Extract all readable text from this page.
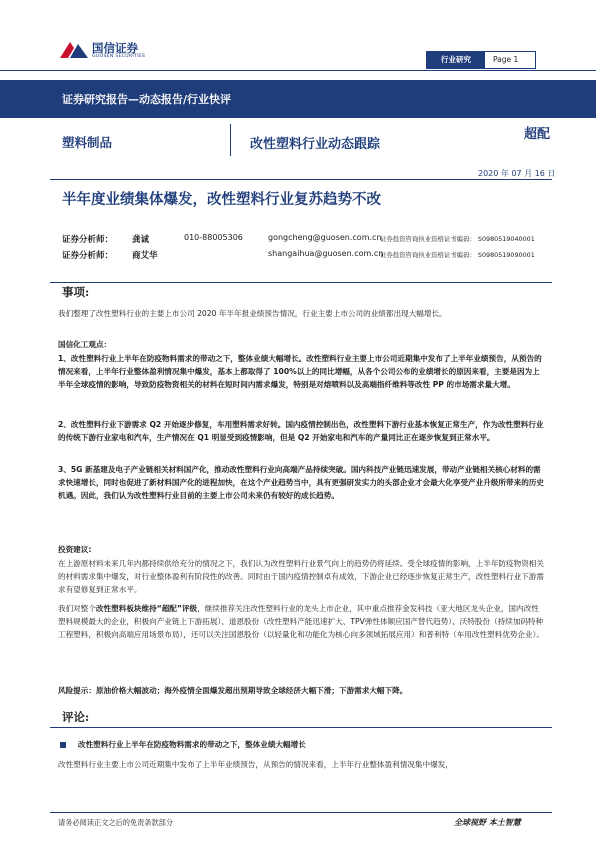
国信证券
GUOSEN SECURITIES	行业研究	Page 1
证券研究报告—动态报告/行业快评
塑料制品	改性塑料行业动态跟踪
超配
2020 年 07 月 16 日
半年度业绩集体爆发，改性塑料行业复苏趋势不改
证券分析师： 龚诚	010-88005306	gongcheng@guosen.com.cn
证券投资咨询执业资格证书编码： S0980519040001
证券分析师： 商艾华	shangaihua@guosen.com.cn
证券投资咨询执业资格证书编码： S0980519090001
事项:
我们整理了改性塑料行业的主要上市公司 2020 年半年报业绩预告情况，行业主要上市公司的业绩都出现大幅增长。
国信化工观点：
1、改性塑料行业上半年在防疫物料需求的带动之下，整体业绩大幅增长。改性塑料行业主要上市公司近期集中发布了上半年业绩预告，从预告的情况来看，上半年行业整体盈利情况集中爆发，基本上都取得了 100%以上的同比增幅，从各个公司公布的业绩增长的原因来看，主要是因为上半年全球疫情的影响，导致防疫物资相关的材料在短时间内需求爆发，特别是对熔喷料以及高端指纤维料等改性 PP 的市场需求量大增。
2、改性塑料行业下游需求 Q2 开始逐步修复，车用塑料需求好转。国内疫情控制出色，改性塑料下游行业基本恢复正常生产，作为改性塑料行业的传统下游行业家电和汽车，生产情况在 Q1 明显受到疫情影响，但是 Q2 开始家电和汽车的产量同比正在逐步恢复到正常水平。
3、5G 新基建及电子产业链相关材料国产化，推动改性塑料行业向高端产品持续突破。国内科技产业链迅速发展，带动产业链相关核心材料的需求快速增长，同时也促进了新材料国产化的进程加快，在这个产业趋势当中，具有更强研发实力的头部企业才会最大化享受产业升级所带来的历史机遇。因此，我们认为改性塑料行业目前的主要上市公司未来仍有较好的成长趋势。
投资建议:
在上游原材料未来几年内都持续供给充分的情况之下，我们认为改性塑料行业景气向上的趋势仍将延续。受全球疫情的影响，上半年防疫物资相关的材料需求集中爆发，对行业整体盈利有阶段性的改善。同时由于国内疫情控制卓有成效，下游企业已经逐步恢复正常生产，改性塑料行业下游需求有望修复到正常水平。
我们对整个改性塑料板块维持“超配”评级，继续推荐关注改性塑料行业的龙头上市企业，其中重点推荐金发科技（亚大地区龙头企业，国内改性塑料规模最大的企业，积极向产业链上下游拓展）、道恩股份（改性塑料产能迅速扩大、TPV弹性体顺应国产替代趋势）、沃特股份（持续加码特种工程塑料，积极向高端应用场景布局），还可以关注国恩股份（以轻量化和功能化为核心向多领域拓展应用）和普利特（车用改性塑料优势企业）。
风险提示：原油价格大幅波动；海外疫情全面爆发超出预期导致全球经济大幅下滑；下游需求大幅下降。
评论:
改性塑料行业上半年在防疫物料需求的带动之下，整体业绩大幅增长
改性塑料行业主要上市公司近期集中发布了上半年业绩预告，从预告的情况来看，上半年行业整体盈利情况集中爆发，
请务必阅读正文之后的免责条款部分	全球视野 本土智慧
